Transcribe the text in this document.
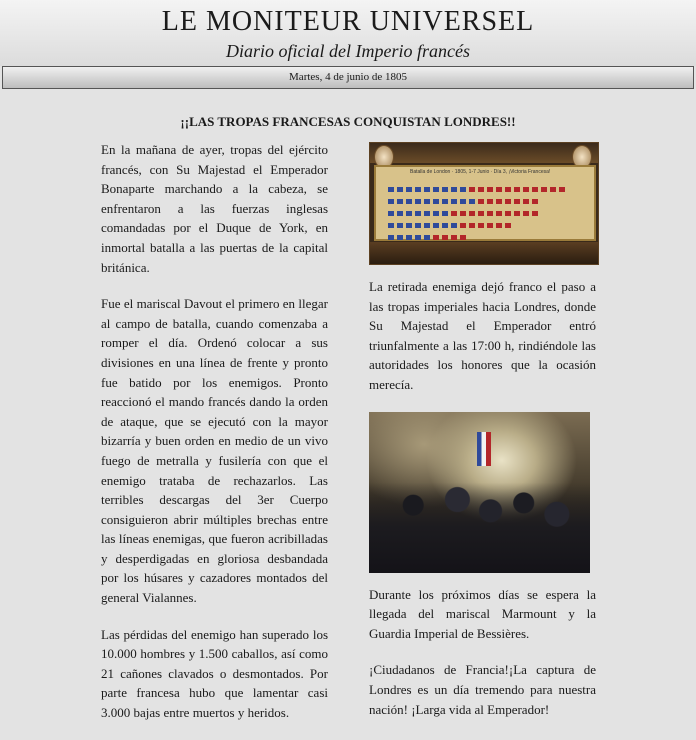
LE MONITEUR UNIVERSEL
Diario oficial del Imperio francés
Martes, 4 de junio de 1805
¡¡LAS TROPAS FRANCESAS CONQUISTAN LONDRES!!

En la mañana de ayer, tropas del ejército francés, con Su Majestad el Emperador Bonaparte marchando a la cabeza, se enfrentaron a las fuerzas inglesas comandadas por el Duque de York, en inmortal batalla a las puertas de la capital británica.

Fue el mariscal Davout el primero en llegar al campo de batalla, cuando comenzaba a romper el día. Ordenó colocar a sus divisiones en una línea de frente y pronto fue batido por los enemigos. Pronto reaccionó el mando francés dando la orden de ataque, que se ejecutó con la mayor bizarría y buen orden en medio de un vivo fuego de metralla y fusilería con que el enemigo trataba de rechazarlos. Las terribles descargas del 3er Cuerpo consiguieron abrir múltiples brechas entre las líneas enemigas, que fueron acribilladas y desperdigadas en gloriosa desbandada por los húsares y cazadores montados del general Vialannes.

Las pérdidas del enemigo han superado los 10.000 hombres y 1.500 caballos, así como 21 cañones clavados o desmontados. Por parte francesa hubo que lamentar casi 3.000 bajas entre muertos y heridos.

Batalla de London · 1805, 1-7 Junio · Día 3, ¡Victoria Francesa!

La retirada enemiga dejó franco el paso a las tropas imperiales hacia Londres, donde Su Majestad el Emperador entró triunfalmente a las 17:00 h, rindiéndole las autoridades los honores que la ocasión merecía.

Durante los próximos días se espera la llegada del mariscal Marmount y la Guardia Imperial de Bessières.

¡Ciudadanos de Francia!¡La captura de Londres es un día tremendo para nuestra nación! ¡Larga vida al Emperador!
